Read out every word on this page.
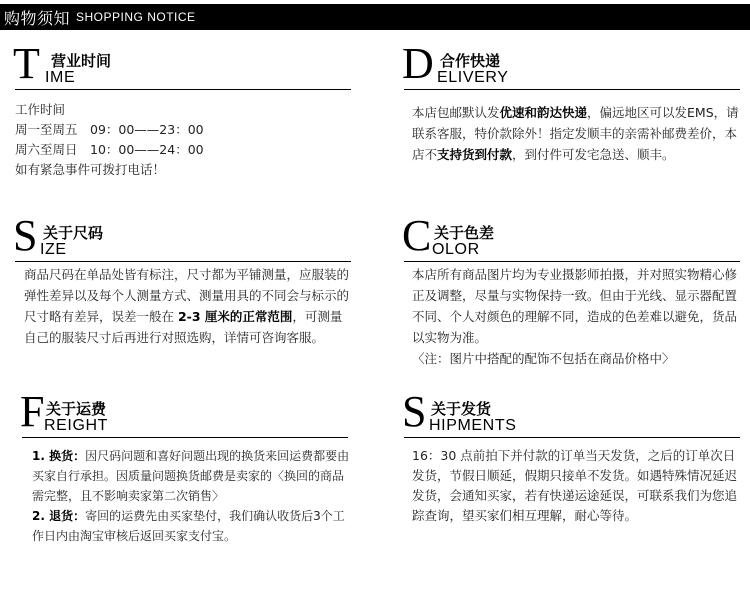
购物须知 SHOPPING NOTICE
T 营业时间
IME

工作时间

周一至周五　09：00——23：00

周六至周日　10：00——24：00

如有紧急事件可拨打电话！

D 合作快递
ELIVERY

本店包邮默认发优速和韵达快递，偏远地区可以发EMS，请联系客服，特价款除外！指定发顺丰的亲需补邮费差价，本店不支持货到付款，到付件可发宅急送、顺丰。

S 关于尺码
IZE

商品尺码在单品处皆有标注，尺寸都为平铺测量，应服装的弹性差异以及每个人测量方式、测量用具的不同会与标示的尺寸略有差异，误差一般在 2-3 厘米的正常范围，可测量自己的服装尺寸后再进行对照选购，详情可咨询客服。

C 关于色差
OLOR

本店所有商品图片均为专业摄影师拍摄，并对照实物精心修正及调整，尽量与实物保持一致。但由于光线、显示器配置不同、个人对颜色的理解不同，造成的色差难以避免，货品以实物为准。

〈注：图片中搭配的配饰不包括在商品价格中〉

F 关于运费
REIGHT

1. 换货：因尺码问题和喜好问题出现的换货来回运费都要由买家自行承担。因质量问题换货邮费是卖家的〈换回的商品需完整，且不影响卖家第二次销售〉

2. 退货：寄回的运费先由买家垫付，我们确认收货后3个工作日内由淘宝审核后返回买家支付宝。

S 关于发货
HIPMENTS

16：30 点前拍下并付款的订单当天发货，之后的订单次日发货，节假日顺延，假期只接单不发货。如遇特殊情况延迟发货，会通知买家，若有快递运途延误，可联系我们为您追踪查询，望买家们相互理解，耐心等待。
